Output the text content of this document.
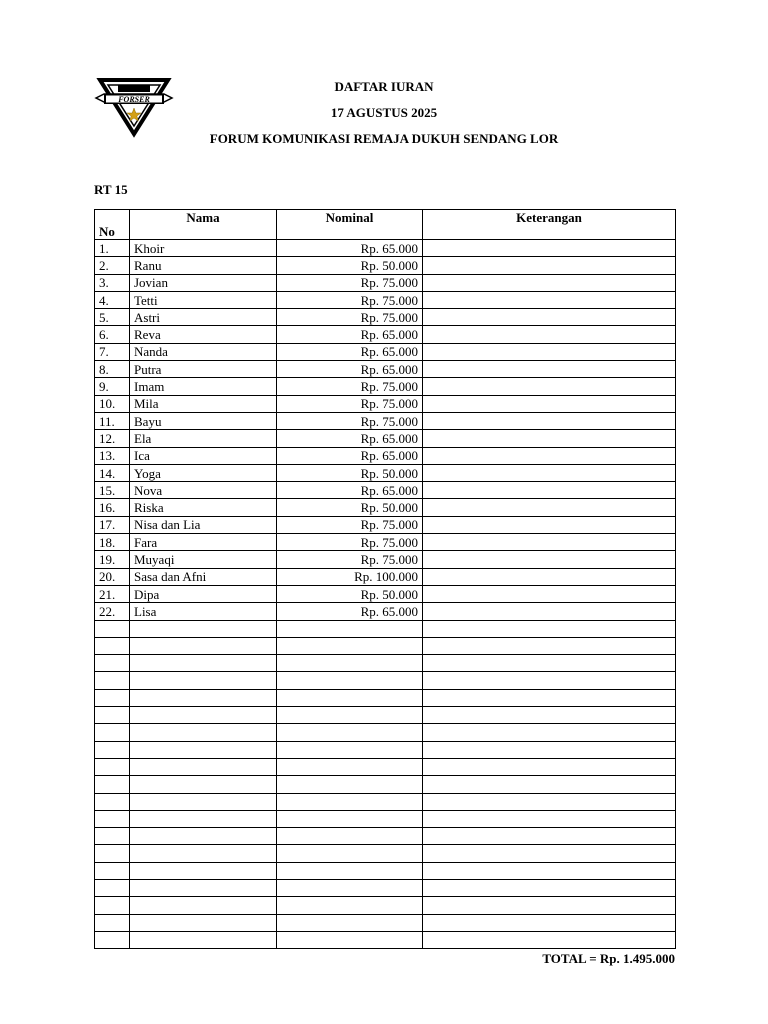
FORSER
DAFTAR IURAN
17 AGUSTUS 2025
FORUM KOMUNIKASI REMAJA DUKUH SENDANG LOR
RT 15
No	Nama	Nominal	Keterangan
1.	Khoir	Rp. 65.000	
2.	Ranu	Rp. 50.000	
3.	Jovian	Rp. 75.000	
4.	Tetti	Rp. 75.000	
5.	Astri	Rp. 75.000	
6.	Reva	Rp. 65.000	
7.	Nanda	Rp. 65.000	
8.	Putra	Rp. 65.000	
9.	Imam	Rp. 75.000	
10.	Mila	Rp. 75.000	
11.	Bayu	Rp. 75.000	
12.	Ela	Rp. 65.000	
13.	Ica	Rp. 65.000	
14.	Yoga	Rp. 50.000	
15.	Nova	Rp. 65.000	
16.	Riska	Rp. 50.000	
17.	Nisa dan Lia	Rp. 75.000	
18.	Fara	Rp. 75.000	
19.	Muyaqi	Rp. 75.000	
20.	Sasa dan Afni	Rp. 100.000	
21.	Dipa	Rp. 50.000	
22.	Lisa	Rp. 65.000	

TOTAL = Rp. 1.495.000
